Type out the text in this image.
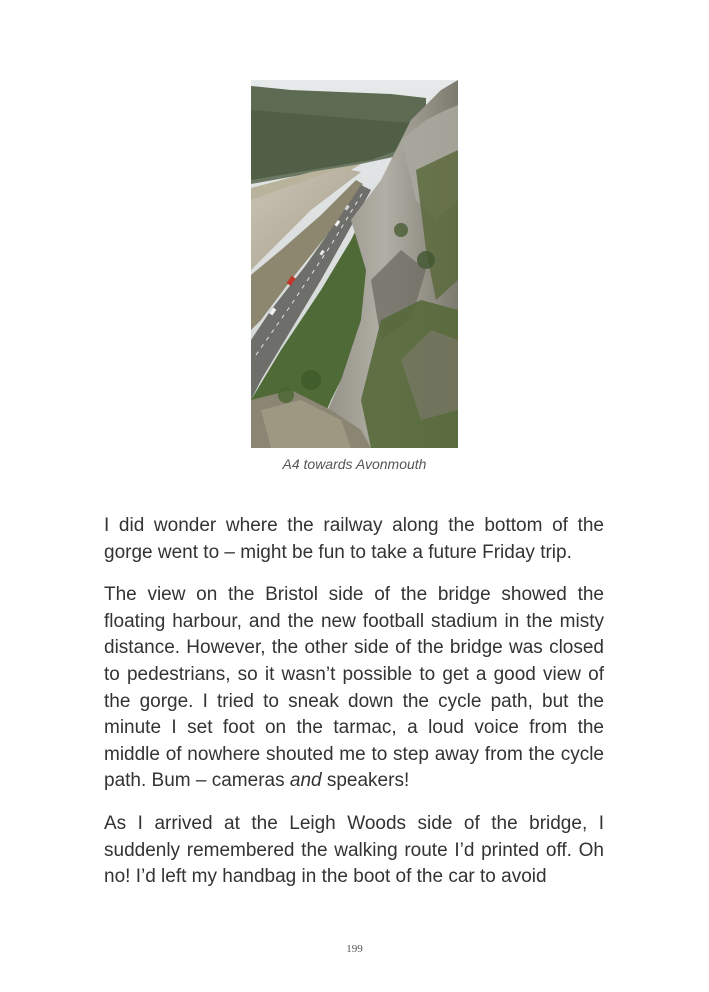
A4 towards Avonmouth

I did wonder where the railway along the bottom of the gorge went to – might be fun to take a future Friday trip.

The view on the Bristol side of the bridge showed the floating harbour, and the new football stadium in the misty distance. However, the other side of the bridge was closed to pedestrians, so it wasn’t possible to get a good view of the gorge. I tried to sneak down the cycle path, but the minute I set foot on the tarmac, a loud voice from the middle of nowhere shouted me to step away from the cycle path. Bum – cameras and speakers!

As I arrived at the Leigh Woods side of the bridge, I suddenly remembered the walking route I’d printed off. Oh no! I’d left my handbag in the boot of the car to avoid

199
